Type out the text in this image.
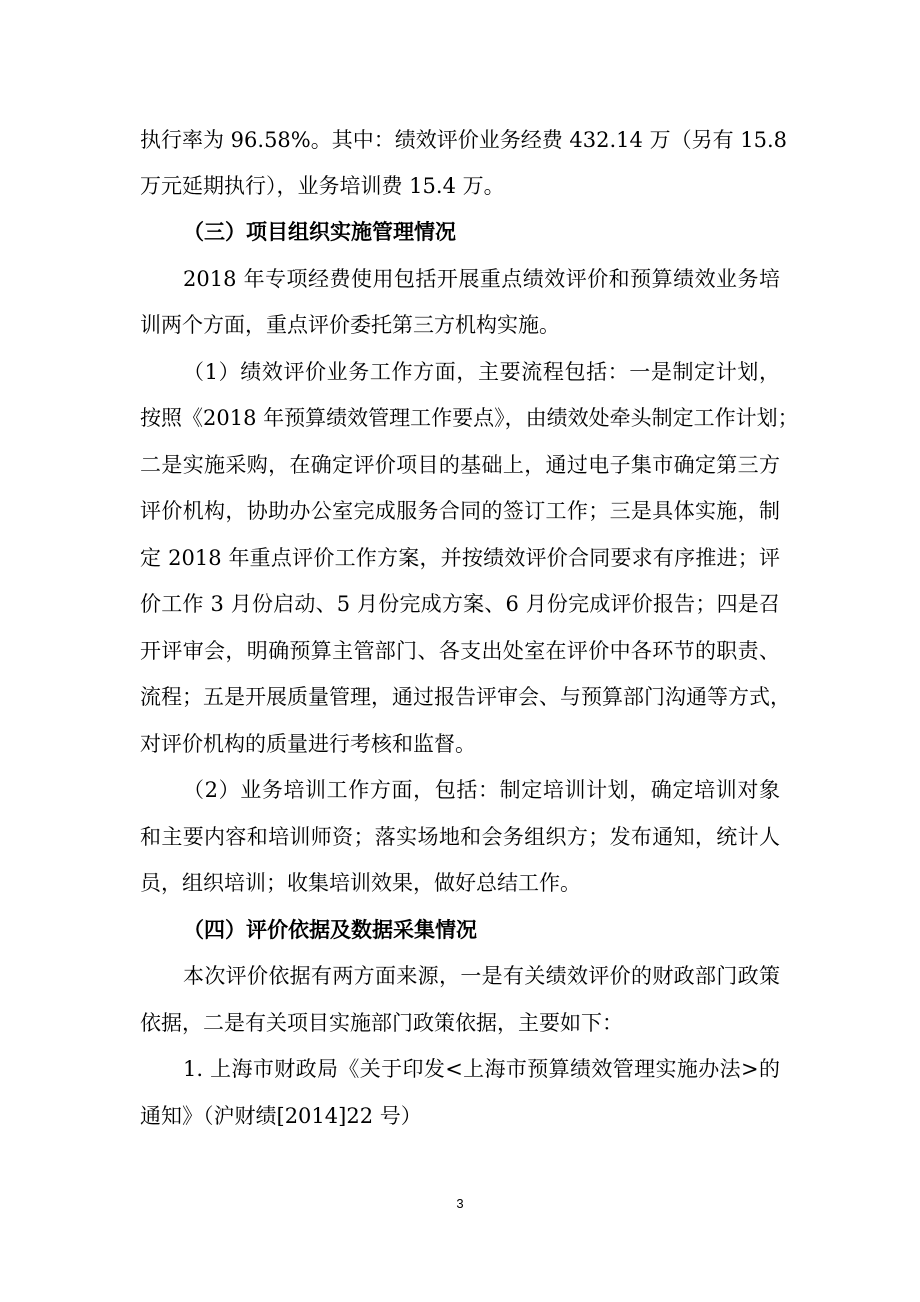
执行率为 96.58%。其中：绩效评价业务经费 432.14 万（另有 15.8
万元延期执行），业务培训费 15.4 万。
（三）项目组织实施管理情况
2018 年专项经费使用包括开展重点绩效评价和预算绩效业务培
训两个方面，重点评价委托第三方机构实施。
（1）绩效评价业务工作方面，主要流程包括：一是制定计划，
按照《2018 年预算绩效管理工作要点》，由绩效处牵头制定工作计划；
二是实施采购，在确定评价项目的基础上，通过电子集市确定第三方
评价机构，协助办公室完成服务合同的签订工作；三是具体实施，制
定 2018 年重点评价工作方案，并按绩效评价合同要求有序推进；评
价工作 3 月份启动、5 月份完成方案、6 月份完成评价报告；四是召
开评审会，明确预算主管部门、各支出处室在评价中各环节的职责、
流程；五是开展质量管理，通过报告评审会、与预算部门沟通等方式，
对评价机构的质量进行考核和监督。
（2）业务培训工作方面，包括：制定培训计划，确定培训对象
和主要内容和培训师资；落实场地和会务组织方；发布通知，统计人
员，组织培训；收集培训效果，做好总结工作。
（四）评价依据及数据采集情况
本次评价依据有两方面来源，一是有关绩效评价的财政部门政策
依据，二是有关项目实施部门政策依据，主要如下：
1. 上海市财政局《关于印发<上海市预算绩效管理实施办法>的
通知》（沪财绩[2014]22 号）
3
